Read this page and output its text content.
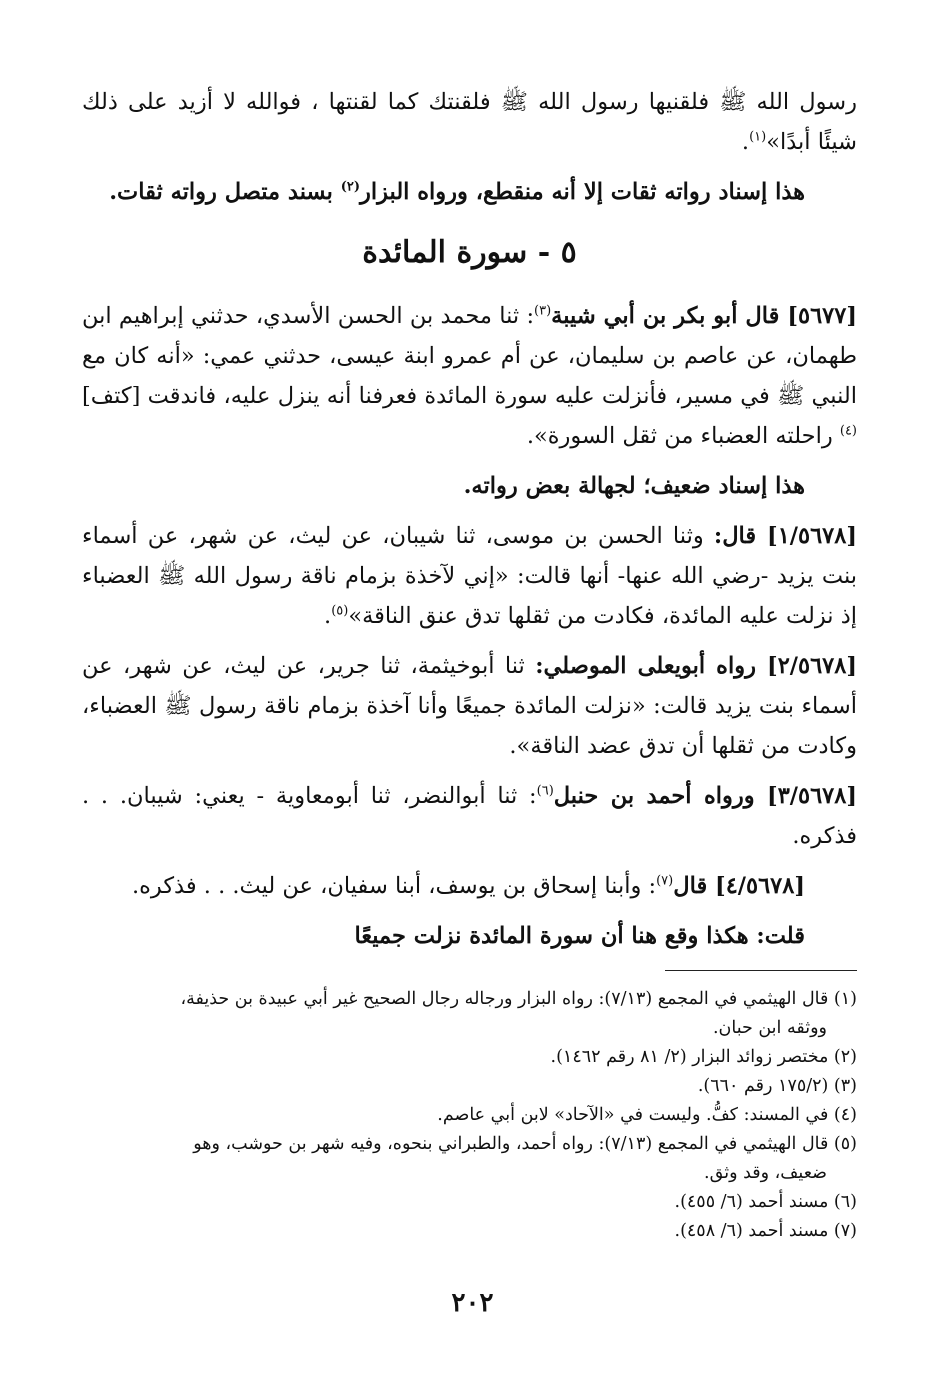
رسول الله ﷺ فلقنيها رسول الله ﷺ فلقنتك كما لقنتها ، فوالله لا أزيد على ذلك شيئًا أبدًا»$^{(١)}$.

هذا إسناد رواته ثقات إلا أنه منقطع، ورواه البزار$^{(٢)}$ بسند متصل رواته ثقات.

٥ - سورة المائدة

[٥٦٧٧] قال أبو بكر بن أبي شيبة$^{(٣)}$: ثنا محمد بن الحسن الأسدي، حدثني إبراهيم ابن طهمان، عن عاصم بن سليمان، عن أم عمرو ابنة عيسى، حدثني عمي: «أنه كان مع النبي ﷺ في مسير، فأنزلت عليه سورة المائدة فعرفنا أنه ينزل عليه، فاندقت [كتف]$^{(٤)}$ راحلته العضباء من ثقل السورة».

هذا إسناد ضعيف؛ لجهالة بعض رواته.

[١/٥٦٧٨] قال: وثنا الحسن بن موسى، ثنا شيبان، عن ليث، عن شهر، عن أسماء بنت يزيد -رضي الله عنها- أنها قالت: «إني لآخذة بزمام ناقة رسول الله ﷺ العضباء إذ نزلت عليه المائدة، فكادت من ثقلها تدق عنق الناقة»$^{(٥)}$.

[٢/٥٦٧٨] رواه أبويعلى الموصلي: ثنا أبوخيثمة، ثنا جرير، عن ليث، عن شهر، عن أسماء بنت يزيد قالت: «نزلت المائدة جميعًا وأنا آخذة بزمام ناقة رسول ﷺ العضباء، وكادت من ثقلها أن تدق عضد الناقة».

[٣/٥٦٧٨] ورواه أحمد بن حنبل$^{(٦)}$: ثنا أبوالنضر، ثنا أبومعاوية - يعني: شيبان. . . فذكره.

[٤/٥٦٧٨] قال$^{(٧)}$: وأبنا إسحاق بن يوسف، أبنا سفيان، عن ليث. . . فذكره.

قلت: هكذا وقع هنا أن سورة المائدة نزلت جميعًا

(١) قال الهيثمي في المجمع (٧/١٣): رواه البزار ورجاله رجال الصحيح غير أبي عبيدة بن حذيفة،

ووثقه ابن حبان.

(٢) مختصر زوائد البزار (٢/ ٨١ رقم ١٤٦٢).

(٣) (١٧٥/٢ رقم ٦٦٠).

(٤) في المسند: كفُّ. وليست في «الآحاد» لابن أبي عاصم.

(٥) قال الهيثمي في المجمع (٧/١٣): رواه أحمد، والطبراني بنحوه، وفيه شهر بن حوشب، وهو

ضعيف، وقد وثق.

(٦) مسند أحمد (٦/ ٤٥٥).

(٧) مسند أحمد (٦/ ٤٥٨).

٢٠٢
